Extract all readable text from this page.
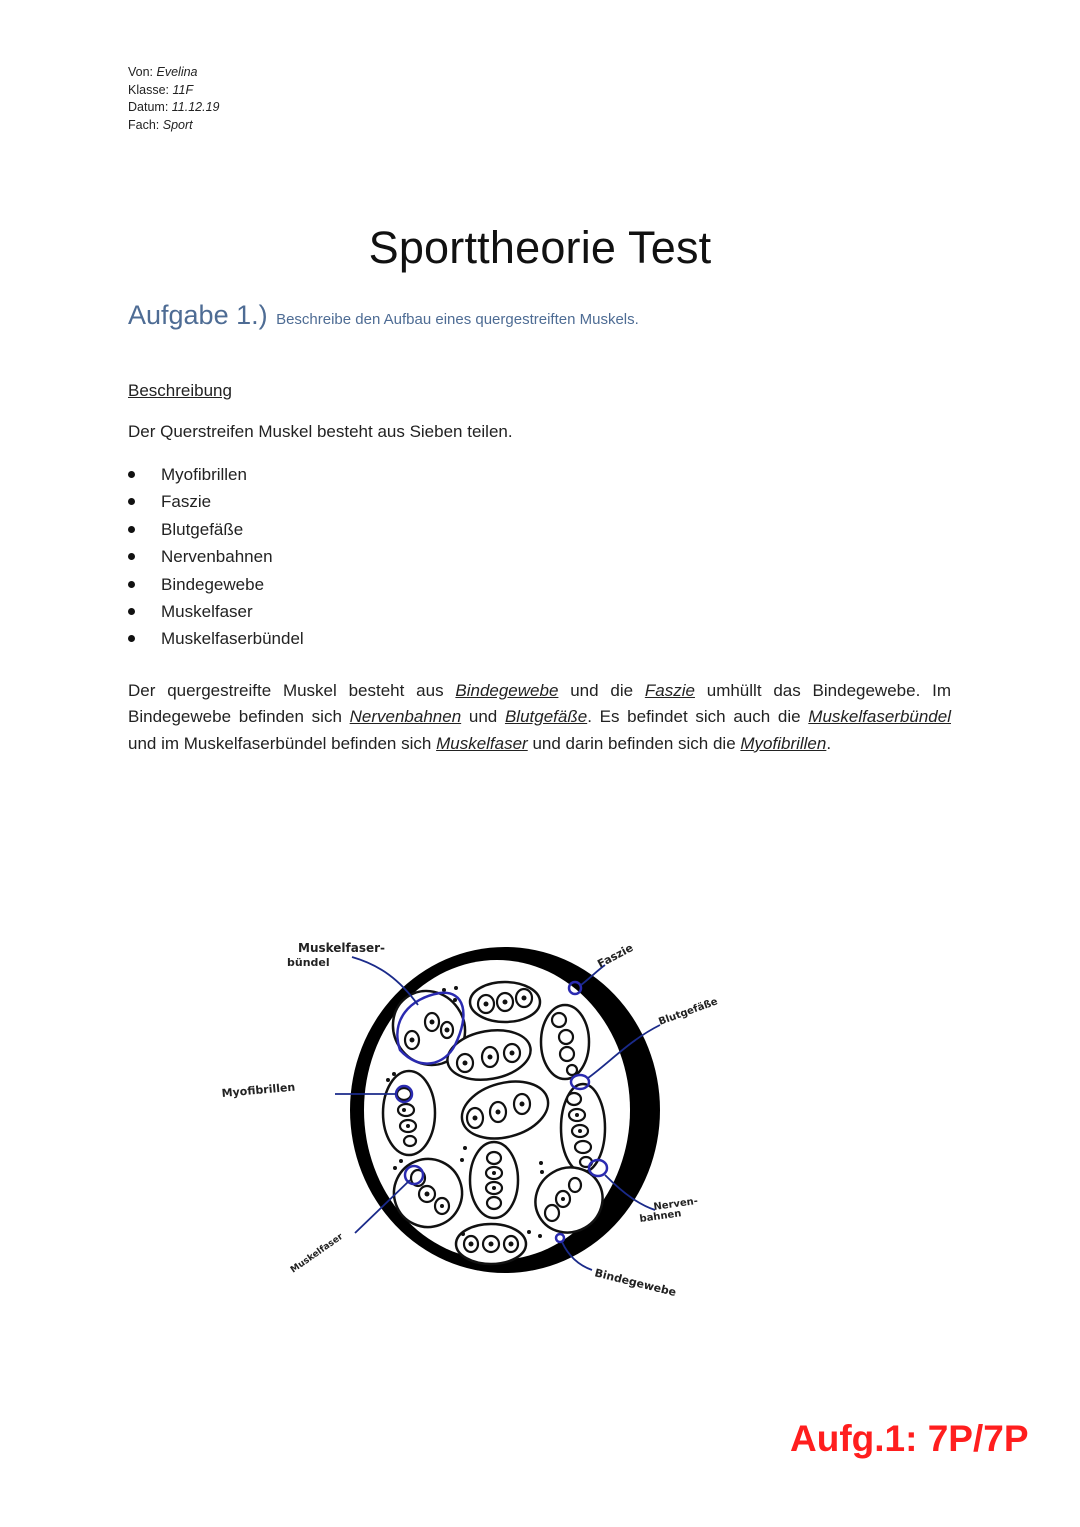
Von: Evelina
Klasse: 11F
Datum: 11.12.19
Fach: Sport
Sporttheorie Test
Aufgabe 1.) Beschreibe den Aufbau eines quergestreiften Muskels.
Beschreibung
Der Querstreifen Muskel besteht aus Sieben teilen.
Myofibrillen
Faszie
Blutgefäße
Nervenbahnen
Bindegewebe
Muskelfaser
Muskelfaserbündel
Der quergestreifte Muskel besteht aus Bindegewebe und die Faszie umhüllt das Bindegewebe. Im Bindegewebe befinden sich Nervenbahnen und Blutgefäße. Es befindet sich auch die Muskelfaserbündel und im Muskelfaserbündel befinden sich Muskelfaser und darin befinden sich die Myofibrillen.
Muskelfaser-
bündel	Faszie
Blutgefäße
Myofibrillen
Nerven-
bahnen
Muskelfaser
Bindegewebe
Aufg.1: 7P/7P
